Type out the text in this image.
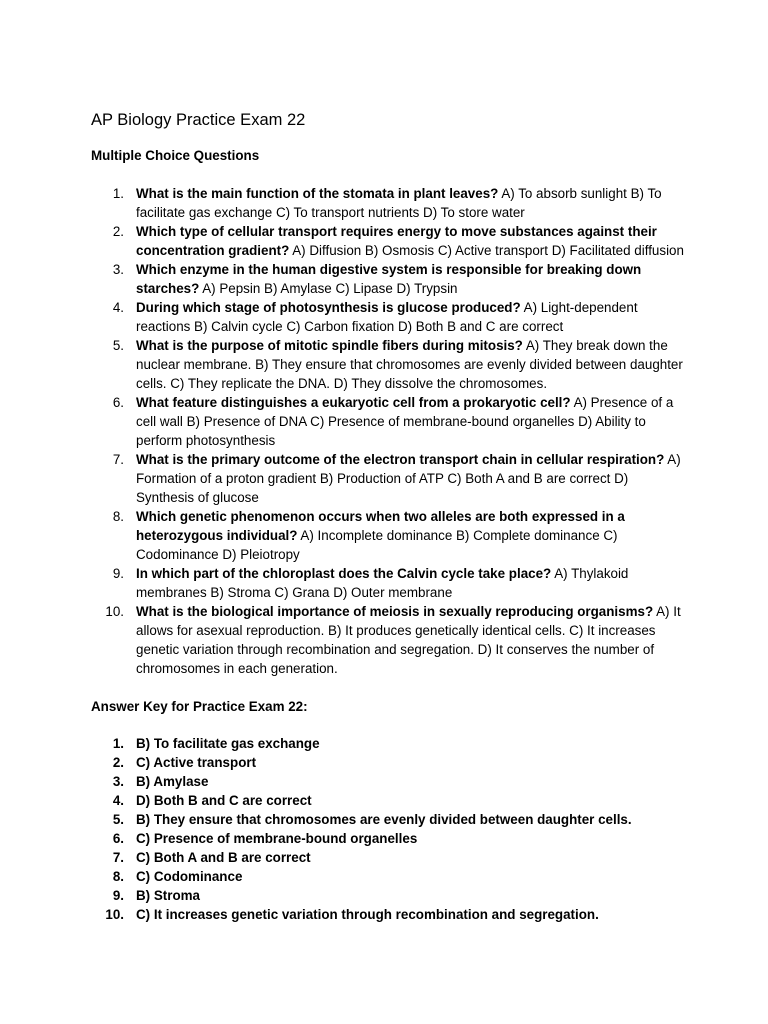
AP Biology Practice Exam 22
Multiple Choice Questions
1. What is the main function of the stomata in plant leaves? A) To absorb sunlight B) To facilitate gas exchange C) To transport nutrients D) To store water
2. Which type of cellular transport requires energy to move substances against their concentration gradient? A) Diffusion B) Osmosis C) Active transport D) Facilitated diffusion
3. Which enzyme in the human digestive system is responsible for breaking down starches? A) Pepsin B) Amylase C) Lipase D) Trypsin
4. During which stage of photosynthesis is glucose produced? A) Light-dependent reactions B) Calvin cycle C) Carbon fixation D) Both B and C are correct
5. What is the purpose of mitotic spindle fibers during mitosis? A) They break down the nuclear membrane. B) They ensure that chromosomes are evenly divided between daughter cells. C) They replicate the DNA. D) They dissolve the chromosomes.
6. What feature distinguishes a eukaryotic cell from a prokaryotic cell? A) Presence of a cell wall B) Presence of DNA C) Presence of membrane-bound organelles D) Ability to perform photosynthesis
7. What is the primary outcome of the electron transport chain in cellular respiration? A) Formation of a proton gradient B) Production of ATP C) Both A and B are correct D) Synthesis of glucose
8. Which genetic phenomenon occurs when two alleles are both expressed in a heterozygous individual? A) Incomplete dominance B) Complete dominance C) Codominance D) Pleiotropy
9. In which part of the chloroplast does the Calvin cycle take place? A) Thylakoid membranes B) Stroma C) Grana D) Outer membrane
10. What is the biological importance of meiosis in sexually reproducing organisms? A) It allows for asexual reproduction. B) It produces genetically identical cells. C) It increases genetic variation through recombination and segregation. D) It conserves the number of chromosomes in each generation.
Answer Key for Practice Exam 22:
1. B) To facilitate gas exchange
2. C) Active transport
3. B) Amylase
4. D) Both B and C are correct
5. B) They ensure that chromosomes are evenly divided between daughter cells.
6. C) Presence of membrane-bound organelles
7. C) Both A and B are correct
8. C) Codominance
9. B) Stroma
10. C) It increases genetic variation through recombination and segregation.
